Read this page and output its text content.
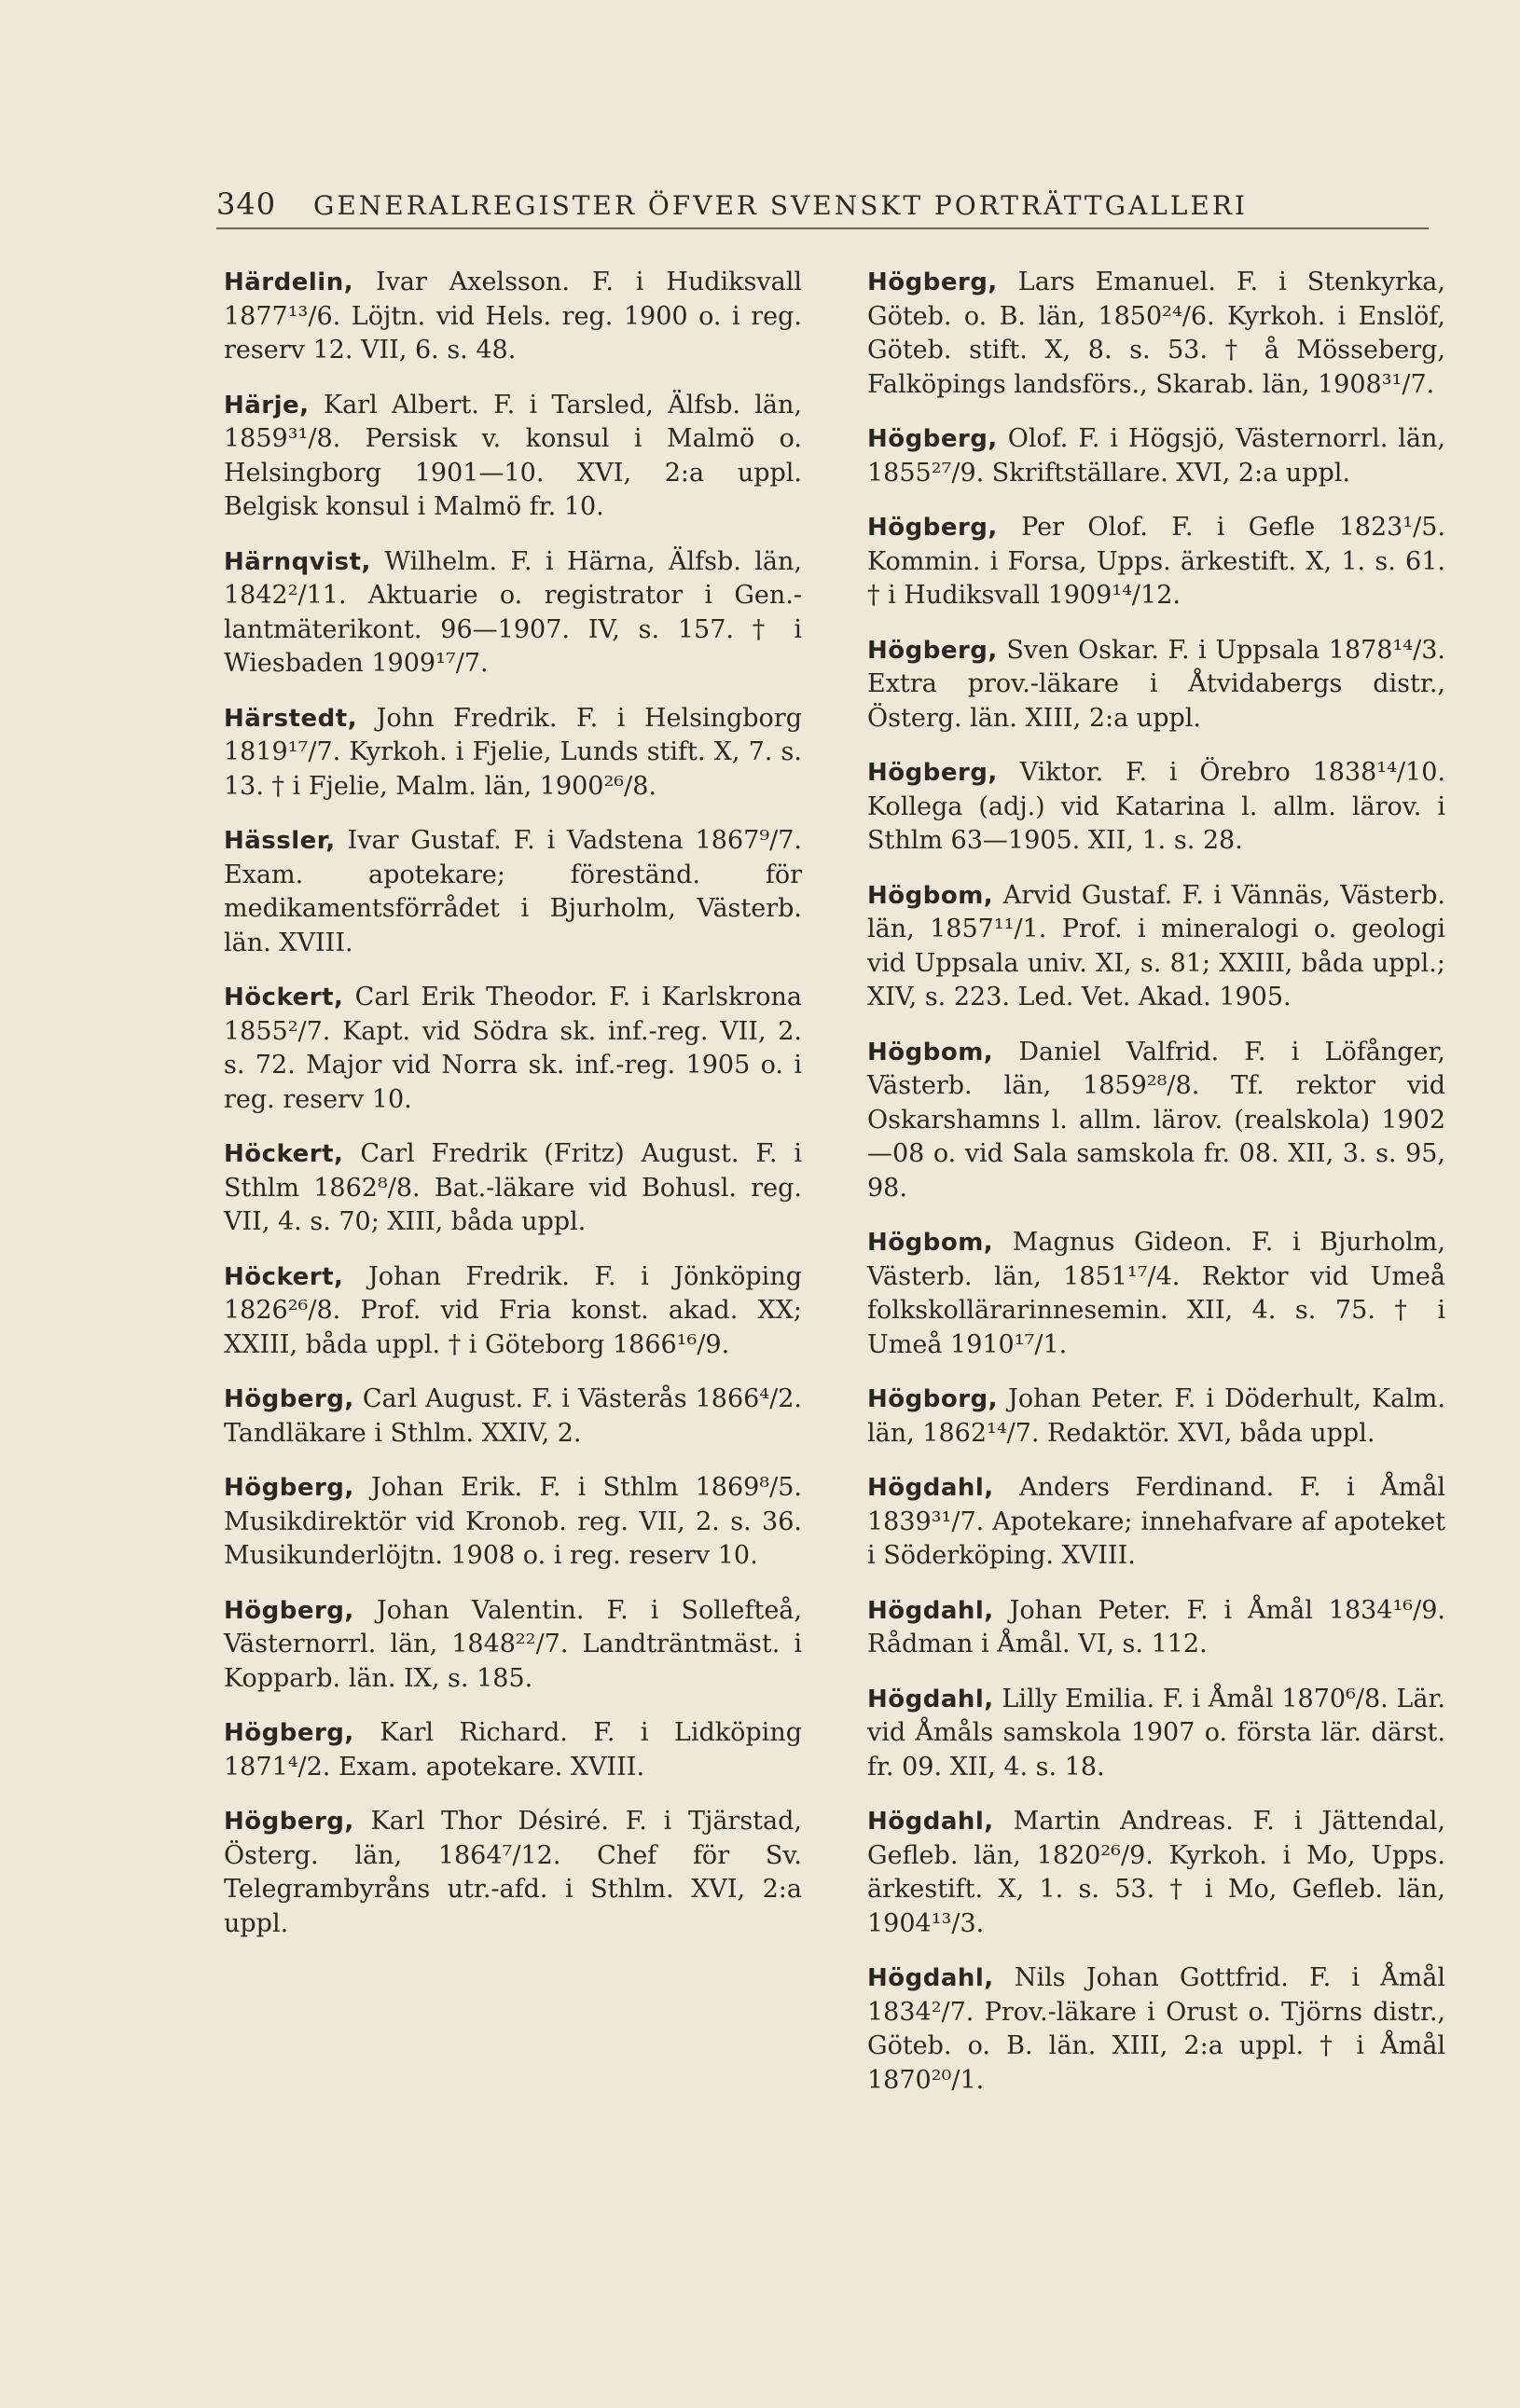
340 GENERALREGISTER ÖFVER SVENSKT PORTRÄTTGALLERI

Härdelin, Ivar Axelsson. F. i Hudiksvall 1877¹³/6. Löjtn. vid Hels. reg. 1900 o. i reg. reserv 12. VII, 6. s. 48.

Härje, Karl Albert. F. i Tarsled, Älfsb. län, 1859³¹/8. Persisk v. konsul i Malmö o. Helsingborg 1901—10. XVI, 2:a uppl. Belgisk konsul i Malmö fr. 10.

Härnqvist, Wilhelm. F. i Härna, Älfsb. län, 1842²/11. Aktuarie o. registrator i Gen.-lantmäterikont. 96—1907. IV, s. 157. † i Wiesbaden 1909¹⁷/7.

Härstedt, John Fredrik. F. i Helsingborg 1819¹⁷/7. Kyrkoh. i Fjelie, Lunds stift. X, 7. s. 13. † i Fjelie, Malm. län, 1900²⁶/8.

Hässler, Ivar Gustaf. F. i Vadstena 1867⁹/7. Exam. apotekare; föreständ. för medikamentsförrådet i Bjurholm, Västerb. län. XVIII.

Höckert, Carl Erik Theodor. F. i Karlskrona 1855²/7. Kapt. vid Södra sk. inf.-reg. VII, 2. s. 72. Major vid Norra sk. inf.-reg. 1905 o. i reg. reserv 10.

Höckert, Carl Fredrik (Fritz) August. F. i Sthlm 1862⁸/8. Bat.-läkare vid Bohusl. reg. VII, 4. s. 70; XIII, båda uppl.

Höckert, Johan Fredrik. F. i Jönköping 1826²⁶/8. Prof. vid Fria konst. akad. XX; XXIII, båda uppl. † i Göteborg 1866¹⁶/9.

Högberg, Carl August. F. i Västerås 1866⁴/2. Tandläkare i Sthlm. XXIV, 2.

Högberg, Johan Erik. F. i Sthlm 1869⁸/5. Musikdirektör vid Kronob. reg. VII, 2. s. 36. Musikunderlöjtn. 1908 o. i reg. reserv 10.

Högberg, Johan Valentin. F. i Sollefteå, Västernorrl. län, 1848²²/7. Landträntmäst. i Kopparb. län. IX, s. 185.

Högberg, Karl Richard. F. i Lidköping 1871⁴/2. Exam. apotekare. XVIII.

Högberg, Karl Thor Désiré. F. i Tjärstad, Österg. län, 1864⁷/12. Chef för Sv. Telegrambyråns utr.-afd. i Sthlm. XVI, 2:a uppl.

Högberg, Lars Emanuel. F. i Stenkyrka, Göteb. o. B. län, 1850²⁴/6. Kyrkoh. i Enslöf, Göteb. stift. X, 8. s. 53. † å Mösseberg, Falköpings landsförs., Skarab. län, 1908³¹/7.

Högberg, Olof. F. i Högsjö, Västernorrl. län, 1855²⁷/9. Skriftställare. XVI, 2:a uppl.

Högberg, Per Olof. F. i Gefle 1823¹/5. Kommin. i Forsa, Upps. ärkestift. X, 1. s. 61. † i Hudiksvall 1909¹⁴/12.

Högberg, Sven Oskar. F. i Uppsala 1878¹⁴/3. Extra prov.-läkare i Åtvidabergs distr., Österg. län. XIII, 2:a uppl.

Högberg, Viktor. F. i Örebro 1838¹⁴/10. Kollega (adj.) vid Katarina l. allm. lärov. i Sthlm 63—1905. XII, 1. s. 28.

Högbom, Arvid Gustaf. F. i Vännäs, Västerb. län, 1857¹¹/1. Prof. i mineralogi o. geologi vid Uppsala univ. XI, s. 81; XXIII, båda uppl.; XIV, s. 223. Led. Vet. Akad. 1905.

Högbom, Daniel Valfrid. F. i Löfånger, Västerb. län, 1859²⁸/8. Tf. rektor vid Oskarshamns l. allm. lärov. (realskola) 1902—08 o. vid Sala samskola fr. 08. XII, 3. s. 95, 98.

Högbom, Magnus Gideon. F. i Bjurholm, Västerb. län, 1851¹⁷/4. Rektor vid Umeå folkskollärarinnesemin. XII, 4. s. 75. † i Umeå 1910¹⁷/1.

Högborg, Johan Peter. F. i Döderhult, Kalm. län, 1862¹⁴/7. Redaktör. XVI, båda uppl.

Högdahl, Anders Ferdinand. F. i Åmål 1839³¹/7. Apotekare; innehafvare af apoteket i Söderköping. XVIII.

Högdahl, Johan Peter. F. i Åmål 1834¹⁶/9. Rådman i Åmål. VI, s. 112.

Högdahl, Lilly Emilia. F. i Åmål 1870⁶/8. Lär. vid Åmåls samskola 1907 o. första lär. därst. fr. 09. XII, 4. s. 18.

Högdahl, Martin Andreas. F. i Jättendal, Gefleb. län, 1820²⁶/9. Kyrkoh. i Mo, Upps. ärkestift. X, 1. s. 53. † i Mo, Gefleb. län, 1904¹³/3.

Högdahl, Nils Johan Gottfrid. F. i Åmål 1834²/7. Prov.-läkare i Orust o. Tjörns distr., Göteb. o. B. län. XIII, 2:a uppl. † i Åmål 1870²⁰/1.
